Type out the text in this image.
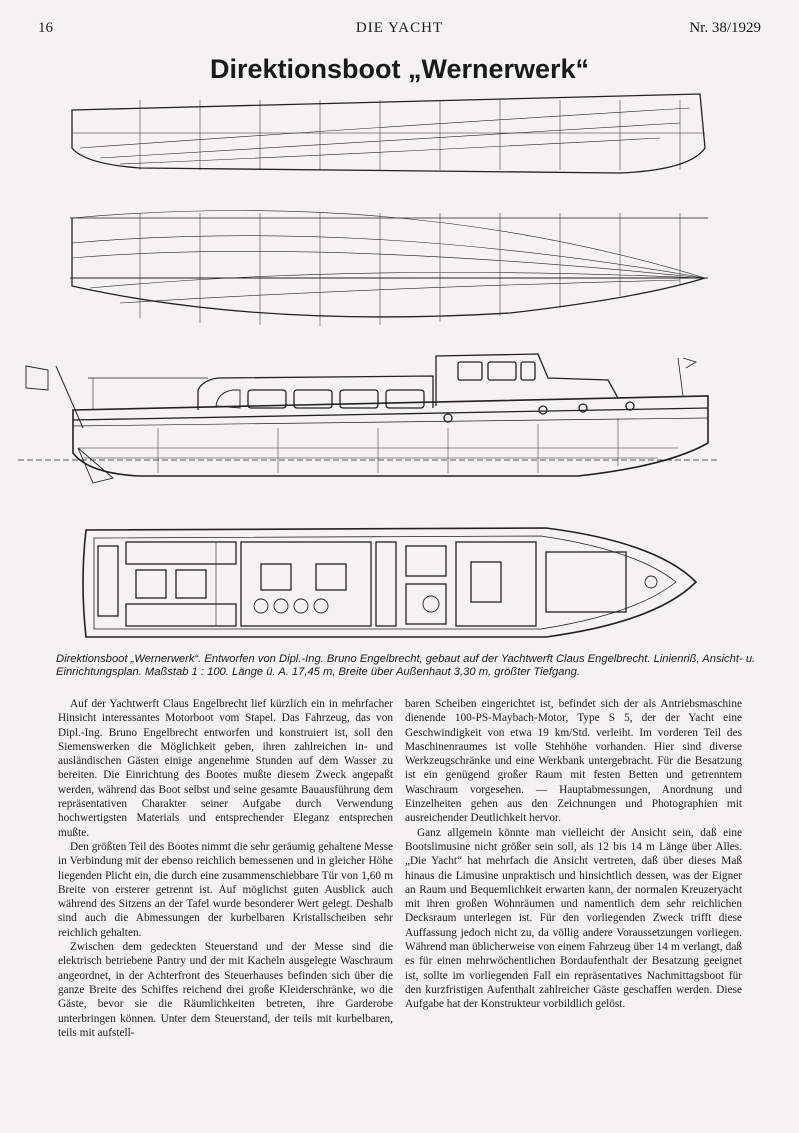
16	DIE YACHT	Nr. 38/1929
Direktionsboot „Wernerwerk“
Direktionsboot „Wernerwerk“. Entworfen von Dipl.-Ing. Bruno Engelbrecht, gebaut auf der Yachtwerft Claus Engelbrecht. Linienriß, Ansicht- u. Einrichtungsplan. Maßstab 1 : 100. Länge ü. A. 17,45 m, Breite über Außenhaut 3,30 m, größter Tiefgang.

Auf der Yachtwerft Claus Engelbrecht lief kürzlich ein in mehrfacher Hinsicht interessantes Motorboot vom Stapel. Das Fahrzeug, das von Dipl.-Ing. Bruno Engelbrecht entworfen und konstruiert ist, soll den Siemenswerken die Möglichkeit geben, ihren zahlreichen in- und ausländischen Gästen einige angenehme Stunden auf dem Wasser zu bereiten. Die Einrichtung des Bootes mußte diesem Zweck angepaßt werden, während das Boot selbst und seine gesamte Bauausführung dem repräsentativen Charakter seiner Aufgabe durch Verwendung hochwertigsten Materials und entsprechender Eleganz entsprechen mußte.

Den größten Teil des Bootes nimmt die sehr geräumig gehaltene Messe in Verbindung mit der ebenso reichlich bemessenen und in gleicher Höhe liegenden Plicht ein, die durch eine zusammenschiebbare Tür von 1,60 m Breite von ersterer getrennt ist. Auf möglichst guten Ausblick auch während des Sitzens an der Tafel wurde besonderer Wert gelegt. Deshalb sind auch die Abmessungen der kurbelbaren Kristallscheiben sehr reichlich gehalten.

Zwischen dem gedeckten Steuerstand und der Messe sind die elektrisch betriebene Pantry und der mit Kacheln ausgelegte Waschraum angeordnet, in der Achterfront des Steuerhauses befinden sich über die ganze Breite des Schiffes reichend drei große Kleiderschränke, wo die Gäste, bevor sie die Räumlichkeiten betreten, ihre Garderobe unterbringen können. Unter dem Steuerstand, der teils mit kurbelbaren, teils mit aufstell-

baren Scheiben eingerichtet ist, befindet sich der als Antriebsmaschine dienende 100-PS-Maybach-Motor, Type S 5, der der Yacht eine Geschwindigkeit von etwa 19 km/Std. verleiht. Im vorderen Teil des Maschinenraumes ist volle Stehhöhe vorhanden. Hier sind diverse Werkzeugschränke und eine Werkbank untergebracht. Für die Besatzung ist ein genügend großer Raum mit festen Betten und getrenntem Waschraum vorgesehen. — Hauptabmessungen, Anordnung und Einzelheiten gehen aus den Zeichnungen und Photographien mit ausreichender Deutlichkeit hervor.

Ganz allgemein könnte man vielleicht der Ansicht sein, daß eine Bootslimusine nicht größer sein soll, als 12 bis 14 m Länge über Alles. „Die Yacht“ hat mehrfach die Ansicht vertreten, daß über dieses Maß hinaus die Limusine unpraktisch und hinsichtlich dessen, was der Eigner an Raum und Bequemlichkeit erwarten kann, der normalen Kreuzeryacht mit ihren großen Wohnräumen und namentlich dem sehr reichlichen Decksraum unterlegen ist. Für den vorliegenden Zweck trifft diese Auffassung jedoch nicht zu, da völlig andere Voraussetzungen vorliegen. Während man üblicherweise von einem Fahrzeug über 14 m verlangt, daß es für einen mehrwöchentlichen Bordaufenthalt der Besatzung geeignet ist, sollte im vorliegenden Fall ein repräsentatives Nachmittagsboot für den kurzfristigen Aufenthalt zahlreicher Gäste geschaffen werden. Diese Aufgabe hat der Konstrukteur vorbildlich gelöst.
